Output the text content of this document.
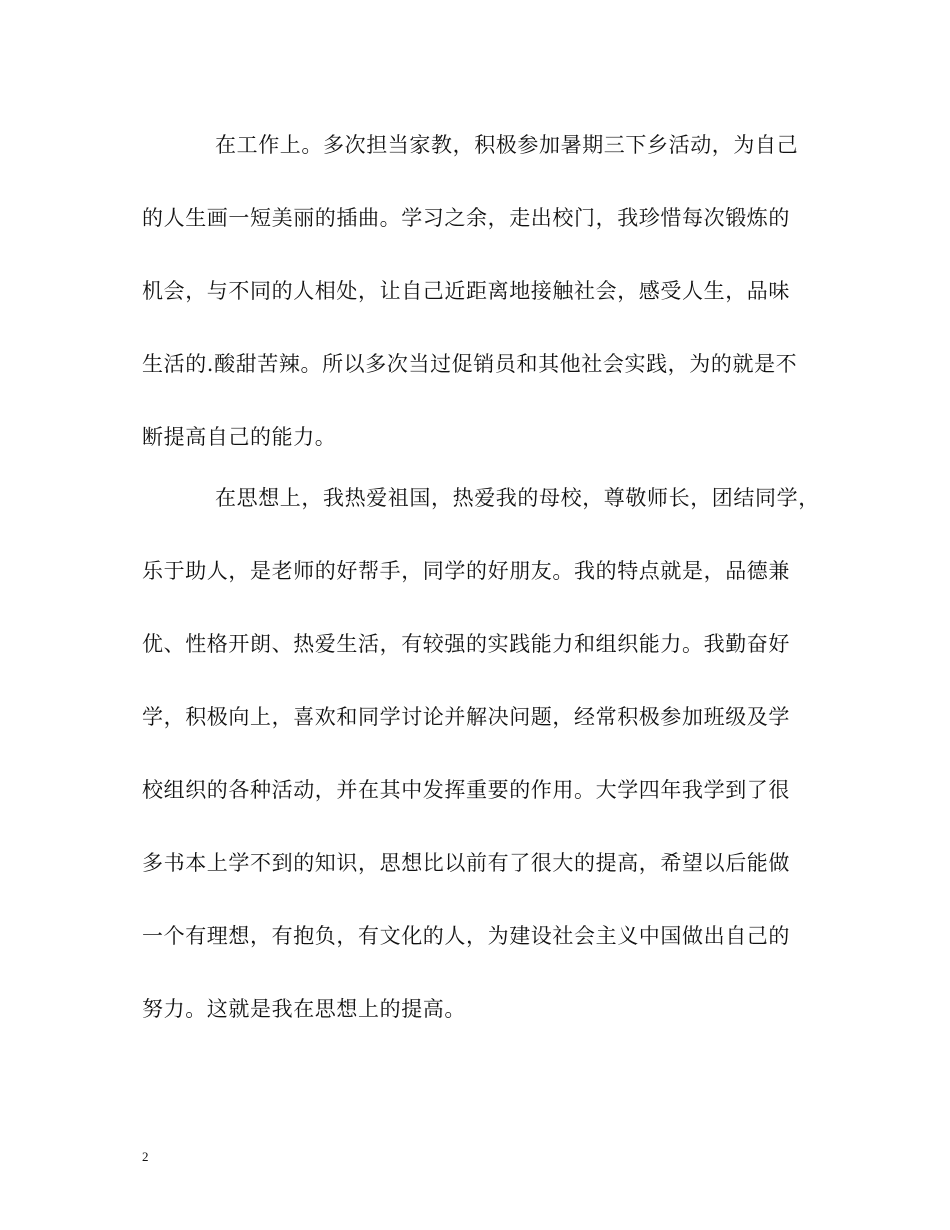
在工作上。多次担当家教，积极参加暑期三下乡活动，为自己
的人生画一短美丽的插曲。学习之余，走出校门，我珍惜每次锻炼的
机会，与不同的人相处，让自己近距离地接触社会，感受人生，品味
生活的.酸甜苦辣。所以多次当过促销员和其他社会实践，为的就是不
断提高自己的能力。
在思想上，我热爱祖国，热爱我的母校，尊敬师长，团结同学，
乐于助人，是老师的好帮手，同学的好朋友。我的特点就是，品德兼
优、性格开朗、热爱生活，有较强的实践能力和组织能力。我勤奋好
学，积极向上，喜欢和同学讨论并解决问题，经常积极参加班级及学
校组织的各种活动，并在其中发挥重要的作用。大学四年我学到了很
多书本上学不到的知识，思想比以前有了很大的提高，希望以后能做
一个有理想，有抱负，有文化的人，为建设社会主义中国做出自己的
努力。这就是我在思想上的提高。
2
